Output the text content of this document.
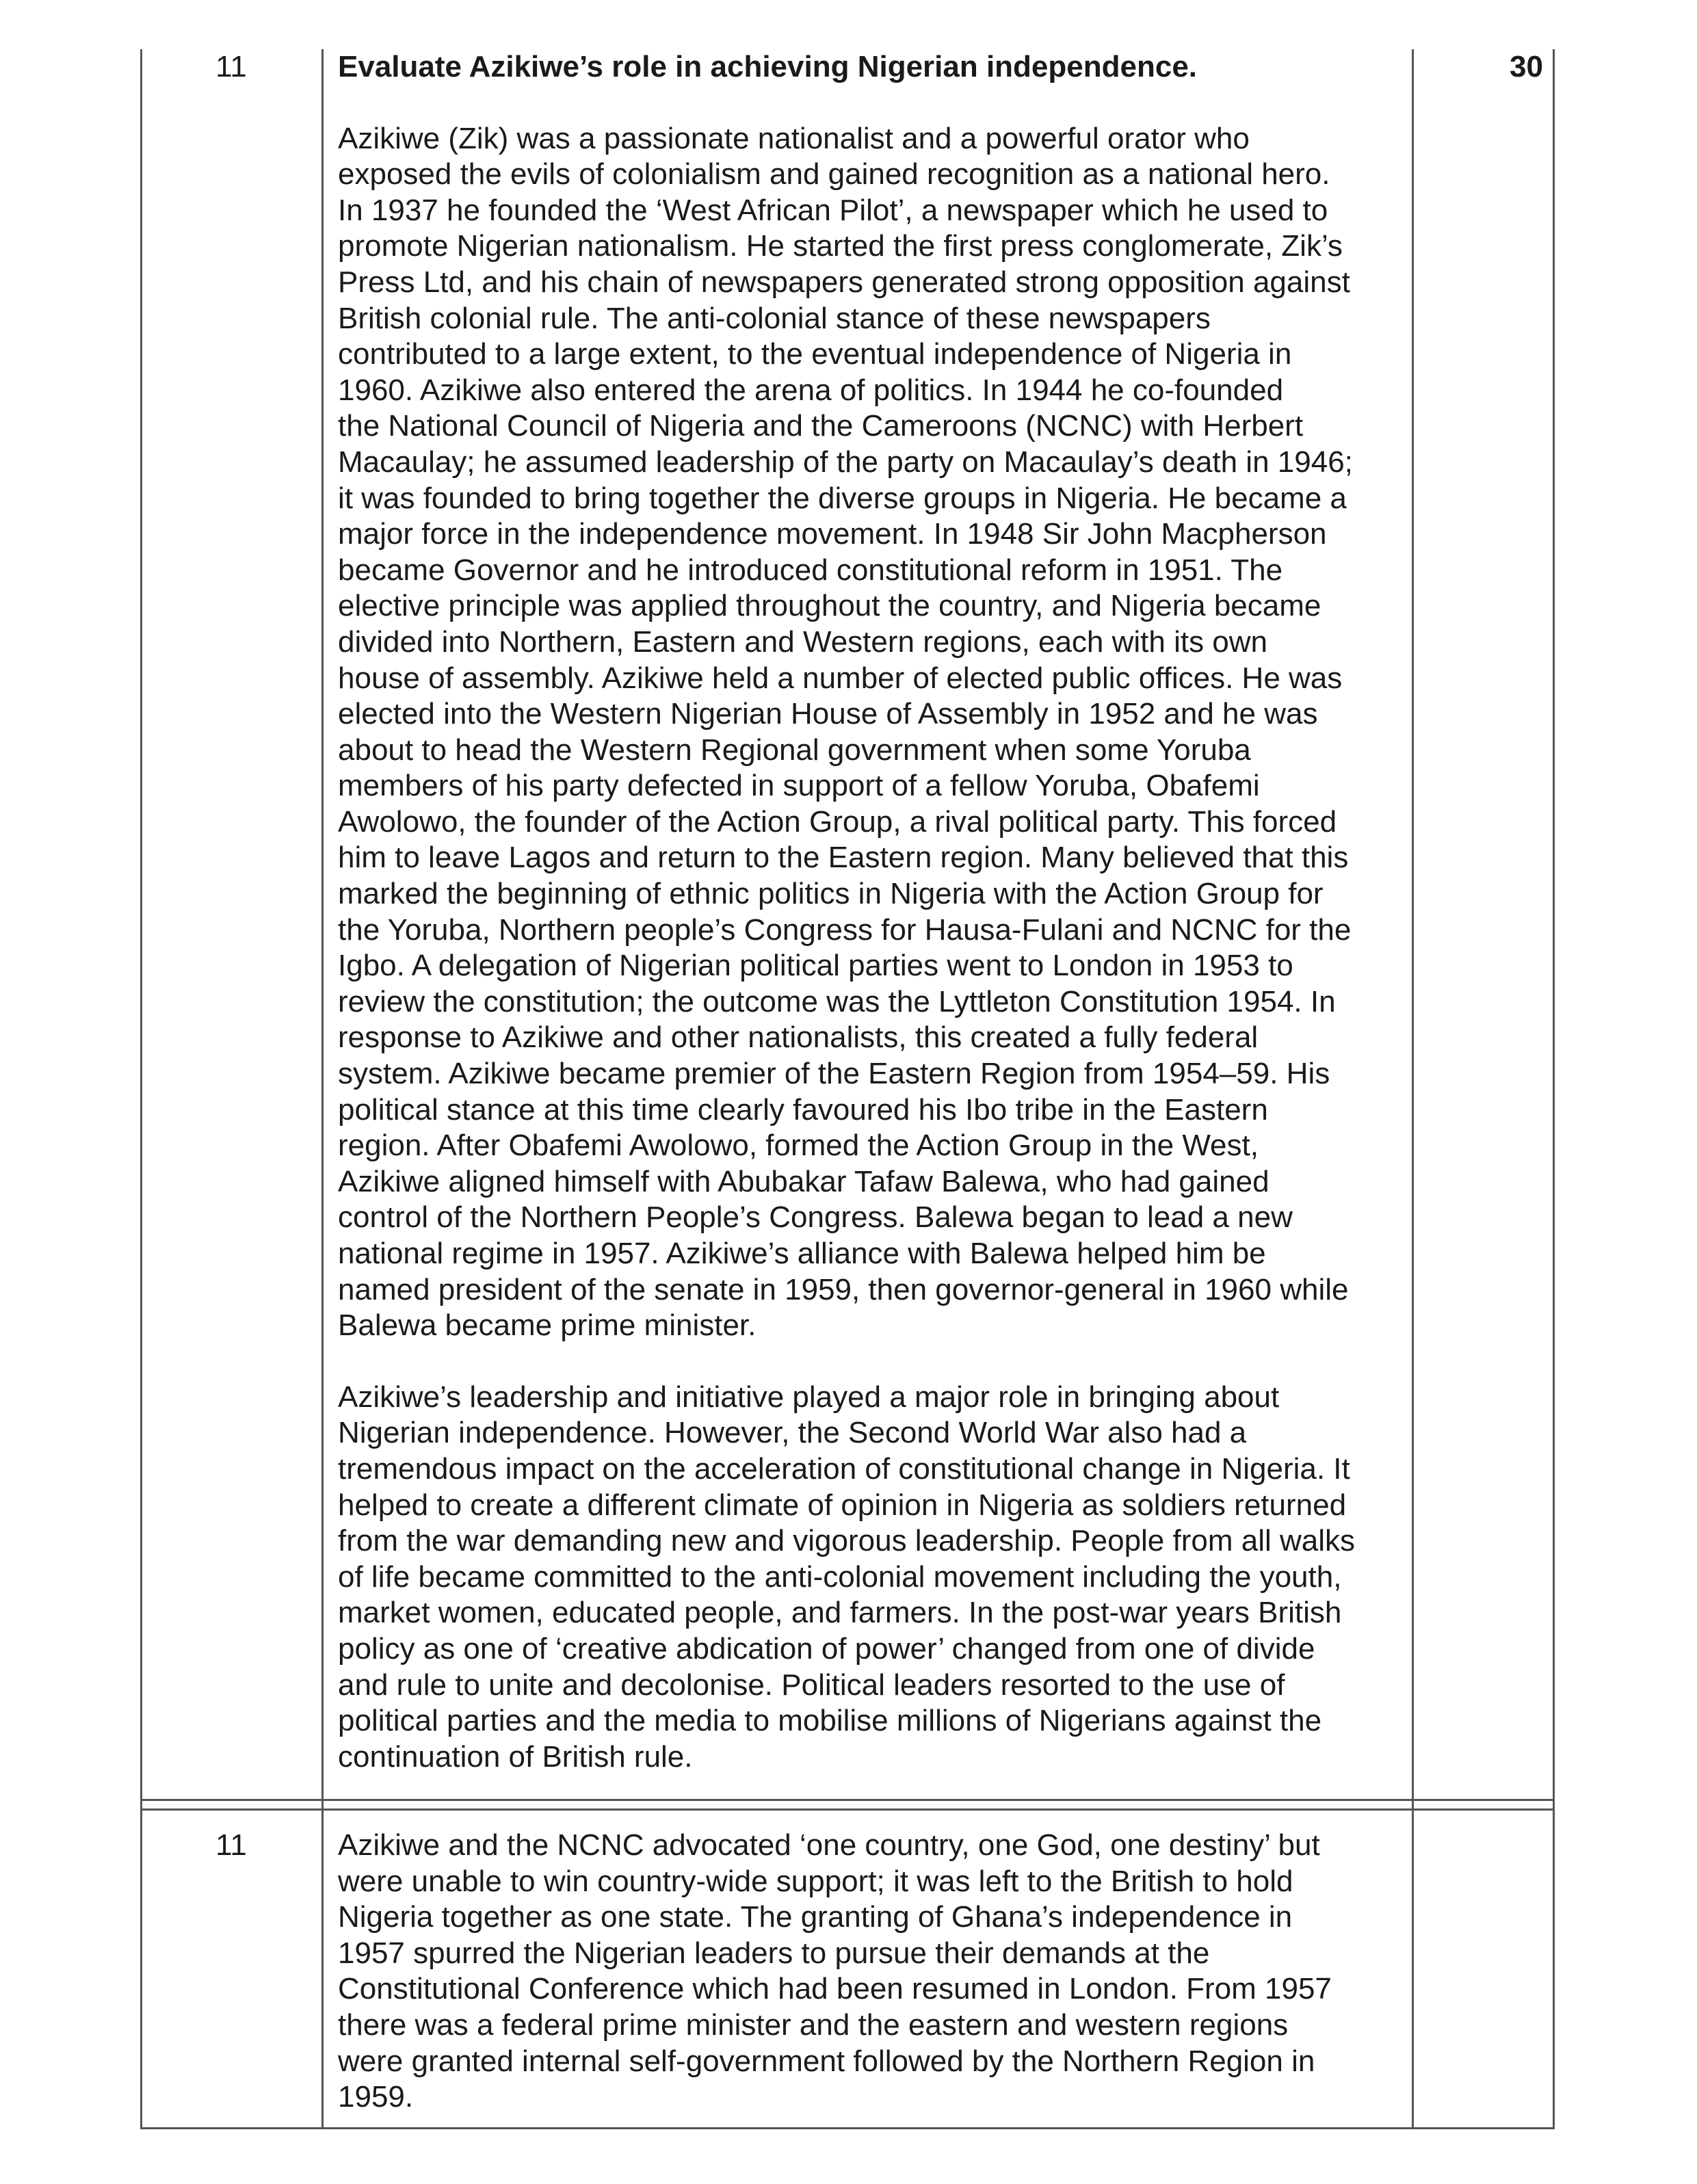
11	30
Evaluate Azikiwe’s role in achieving Nigerian independence.

Azikiwe (Zik) was a passionate nationalist and a powerful orator who
exposed the evils of colonialism and gained recognition as a national hero.
In 1937 he founded the ‘West African Pilot’, a newspaper which he used to
promote Nigerian nationalism. He started the first press conglomerate, Zik’s
Press Ltd, and his chain of newspapers generated strong opposition against
British colonial rule. The anti-colonial stance of these newspapers
contributed to a large extent, to the eventual independence of Nigeria in
1960. Azikiwe also entered the arena of politics. In 1944 he co-founded
the National Council of Nigeria and the Cameroons (NCNC) with Herbert
Macaulay; he assumed leadership of the party on Macaulay’s death in 1946;
it was founded to bring together the diverse groups in Nigeria. He became a
major force in the independence movement. In 1948 Sir John Macpherson
became Governor and he introduced constitutional reform in 1951. The
elective principle was applied throughout the country, and Nigeria became
divided into Northern, Eastern and Western regions, each with its own
house of assembly. Azikiwe held a number of elected public offices. He was
elected into the Western Nigerian House of Assembly in 1952 and he was
about to head the Western Regional government when some Yoruba
members of his party defected in support of a fellow Yoruba, Obafemi
Awolowo, the founder of the Action Group, a rival political party. This forced
him to leave Lagos and return to the Eastern region. Many believed that this
marked the beginning of ethnic politics in Nigeria with the Action Group for
the Yoruba, Northern people’s Congress for Hausa-Fulani and NCNC for the
Igbo. A delegation of Nigerian political parties went to London in 1953 to
review the constitution; the outcome was the Lyttleton Constitution 1954. In
response to Azikiwe and other nationalists, this created a fully federal
system. Azikiwe became premier of the Eastern Region from 1954–59. His
political stance at this time clearly favoured his Ibo tribe in the Eastern
region. After Obafemi Awolowo, formed the Action Group in the West,
Azikiwe aligned himself with Abubakar Tafaw Balewa, who had gained
control of the Northern People’s Congress. Balewa began to lead a new
national regime in 1957. Azikiwe’s alliance with Balewa helped him be
named president of the senate in 1959, then governor-general in 1960 while
Balewa became prime minister.

Azikiwe’s leadership and initiative played a major role in bringing about
Nigerian independence. However, the Second World War also had a
tremendous impact on the acceleration of constitutional change in Nigeria. It
helped to create a different climate of opinion in Nigeria as soldiers returned
from the war demanding new and vigorous leadership. People from all walks
of life became committed to the anti-colonial movement including the youth,
market women, educated people, and farmers. In the post-war years British
policy as one of ‘creative abdication of power’ changed from one of divide
and rule to unite and decolonise. Political leaders resorted to the use of
political parties and the media to mobilise millions of Nigerians against the
continuation of British rule.

11	Azikiwe and the NCNC advocated ‘one country, one God, one destiny’ but
were unable to win country-wide support; it was left to the British to hold
Nigeria together as one state. The granting of Ghana’s independence in
1957 spurred the Nigerian leaders to pursue their demands at the
Constitutional Conference which had been resumed in London. From 1957
there was a federal prime minister and the eastern and western regions
were granted internal self-government followed by the Northern Region in
1959.
